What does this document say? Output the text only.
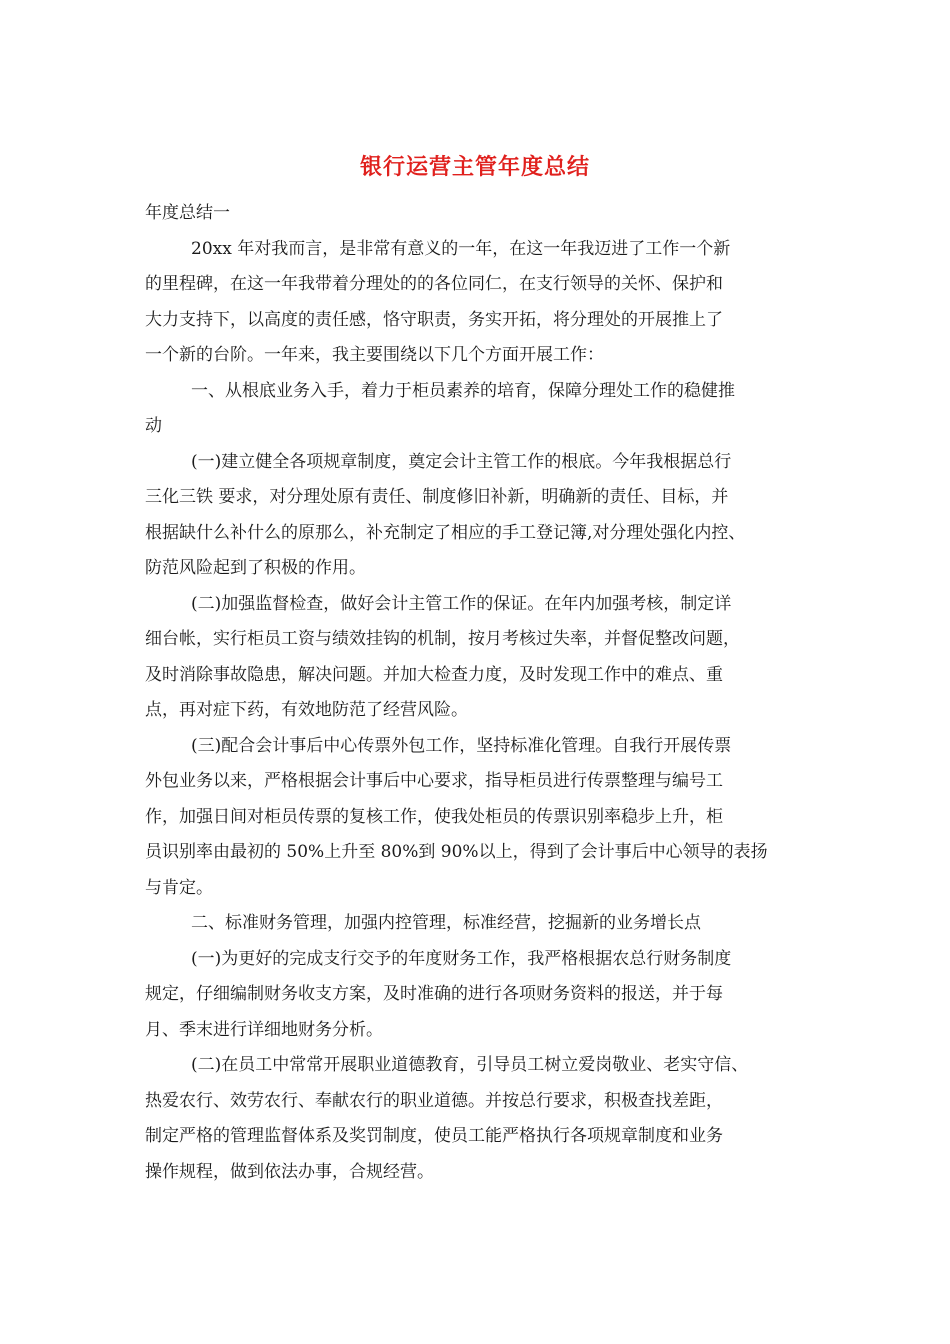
银行运营主管年度总结
年度总结一
20xx 年对我而言，是非常有意义的一年，在这一年我迈进了工作一个新
的里程碑，在这一年我带着分理处的的各位同仁，在支行领导的关怀、保护和
大力支持下，以高度的责任感，恪守职责，务实开拓，将分理处的开展推上了
一个新的台阶。一年来，我主要围绕以下几个方面开展工作：
一、从根底业务入手，着力于柜员素养的培育，保障分理处工作的稳健推
动
(一)建立健全各项规章制度，奠定会计主管工作的根底。今年我根据总行
三化三铁 要求，对分理处原有责任、制度修旧补新，明确新的责任、目标，并
根据缺什么补什么的原那么，补充制定了相应的手工登记簿,对分理处强化内控、
防范风险起到了积极的作用。
(二)加强监督检查，做好会计主管工作的保证。在年内加强考核，制定详
细台帐，实行柜员工资与绩效挂钩的机制，按月考核过失率，并督促整改问题，
及时消除事故隐患，解决问题。并加大检查力度，及时发现工作中的难点、重
点，再对症下药，有效地防范了经营风险。
(三)配合会计事后中心传票外包工作，坚持标准化管理。自我行开展传票
外包业务以来，严格根据会计事后中心要求，指导柜员进行传票整理与编号工
作，加强日间对柜员传票的复核工作，使我处柜员的传票识别率稳步上升，柜
员识别率由最初的 50%上升至 80%到 90%以上，得到了会计事后中心领导的表扬
与肯定。
二、标准财务管理，加强内控管理，标准经营，挖掘新的业务增长点
(一)为更好的完成支行交予的年度财务工作，我严格根据农总行财务制度
规定，仔细编制财务收支方案，及时准确的进行各项财务资料的报送，并于每
月、季末进行详细地财务分析。
(二)在员工中常常开展职业道德教育，引导员工树立爱岗敬业、老实守信、
热爱农行、效劳农行、奉献农行的职业道德。并按总行要求，积极查找差距，
制定严格的管理监督体系及奖罚制度，使员工能严格执行各项规章制度和业务
操作规程，做到依法办事，合规经营。
